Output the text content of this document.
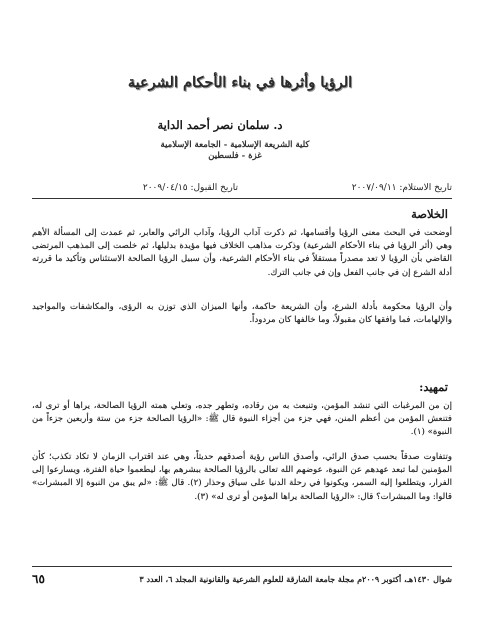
الرؤيا وأثرها في بناء الأحكام الشرعية
د. سلمان نصر أحمد الداية
كلية الشريعة الإسلامية - الجامعة الإسلامية
غزة - فلسطين
تاريخ الاستلام: ٢٠٠٧/٠٩/١١
تاريخ القبول: ٢٠٠٩/٠٤/١٥
الخلاصة

أوضحت في البحث معنى الرؤيا وأقسامها، ثم ذكرت آداب الرؤيا، وآداب الرائي والعابر، ثم عمدت إلى المسألة الأهم وهي (أثر الرؤيا في بناء الأحكام الشرعية) وذكرت مذاهب الخلاف فيها مؤيدة بدليلها، ثم خلصت إلى المذهب المرتضى القاضي بأن الرؤيا لا تعد مصدراً مستقلاً في بناء الأحكام الشرعية، وأن سبيل الرؤيا الصالحة الاستئناس وتأكيد ما قررته أدلة الشرع إن في جانب الفعل وإن في جانب الترك.

وأن الرؤيا محكومة بأدلة الشرع، وأن الشريعة حاكمة، وأنها الميزان الذي توزن به الرؤى، والمكاشفات والمواجيد والإلهامات، فما وافقها كان مقبولاً، وما خالفها كان مردوداً.

تمهيد:

إن من المرغبات التي تنشد المؤمن، وتنبعث به من رقاده، وتطهر جده، وتعلي همته الرؤيا الصالحة، يراها أو ترى له، فتنعش المؤمن من أعظم المنن، فهي جزء من أجزاء النبوة قال ﷺ: «الرؤيا الصالحة جزء من ستة وأربعين جزءاً من النبوة» (١).

وتتفاوت صدقاً بحسب صدق الرائي، وأصدق الناس رؤية أصدقهم حديثاً، وهي عند اقتراب الزمان لا تكاد تكذب؛ كأن المؤمنين لما تبعد عهدهم عن النبوة، عوضهم الله تعالى بالرؤيا الصالحة ببشرهم بها، ليطعموا حياة الفترة، ويسارعوا إلى الفرار، ويتطلعوا إليه السمر، ويكونوا في رحلة الدنيا على سياق وحذار (٢). قال ﷺ: «لم يبق من النبوة إلا المبشرات» قالوا: وما المبشرات؟ قال: «الرؤيا الصالحة يراها المؤمن أو ترى له» (٣).

شوال ١٤٣٠هـ، أكتوبر ٢٠٠٩م مجلة جامعة الشارقة للعلوم الشرعية والقانونية المجلد ٦، العدد ٣
٦٥
